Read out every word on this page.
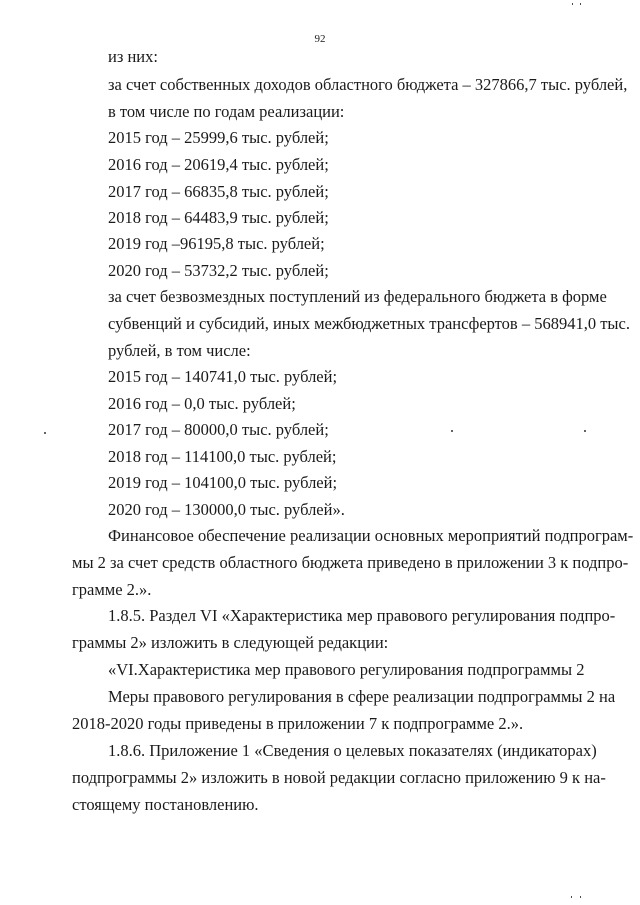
92
из них:
за счет собственных доходов областного бюджета – 327866,7 тыс. рублей,
в том числе по годам реализации:
2015 год – 25999,6 тыс. рублей;
2016 год – 20619,4 тыс. рублей;
2017 год – 66835,8 тыс. рублей;
2018 год – 64483,9 тыс. рублей;
2019 год –96195,8 тыс. рублей;
2020 год – 53732,2 тыс. рублей;
за счет безвозмездных поступлений из федерального бюджета в форме
субвенций и субсидий, иных межбюджетных трансфертов – 568941,0 тыс.
рублей, в том числе:
2015 год – 140741,0 тыс. рублей;
2016 год – 0,0 тыс. рублей;
2017 год – 80000,0 тыс. рублей;
2018 год – 114100,0 тыс. рублей;
2019 год – 104100,0 тыс. рублей;
2020 год – 130000,0 тыс. рублей».
Финансовое обеспечение реализации основных мероприятий подпрограм-
мы 2 за счет средств областного бюджета приведено в приложении 3 к подпро-
грамме 2.».
1.8.5. Раздел VI «Характеристика мер правового регулирования подпро-
граммы 2» изложить в следующей редакции:
«VI.Характеристика мер правового регулирования подпрограммы 2
Меры правового регулирования в сфере реализации подпрограммы 2 на
2018-2020 годы приведены в приложении 7 к подпрограмме 2.».
1.8.6. Приложение 1 «Сведения о целевых показателях (индикаторах)
подпрограммы 2» изложить в новой редакции согласно приложению 9 к на-
стоящему постановлению.
